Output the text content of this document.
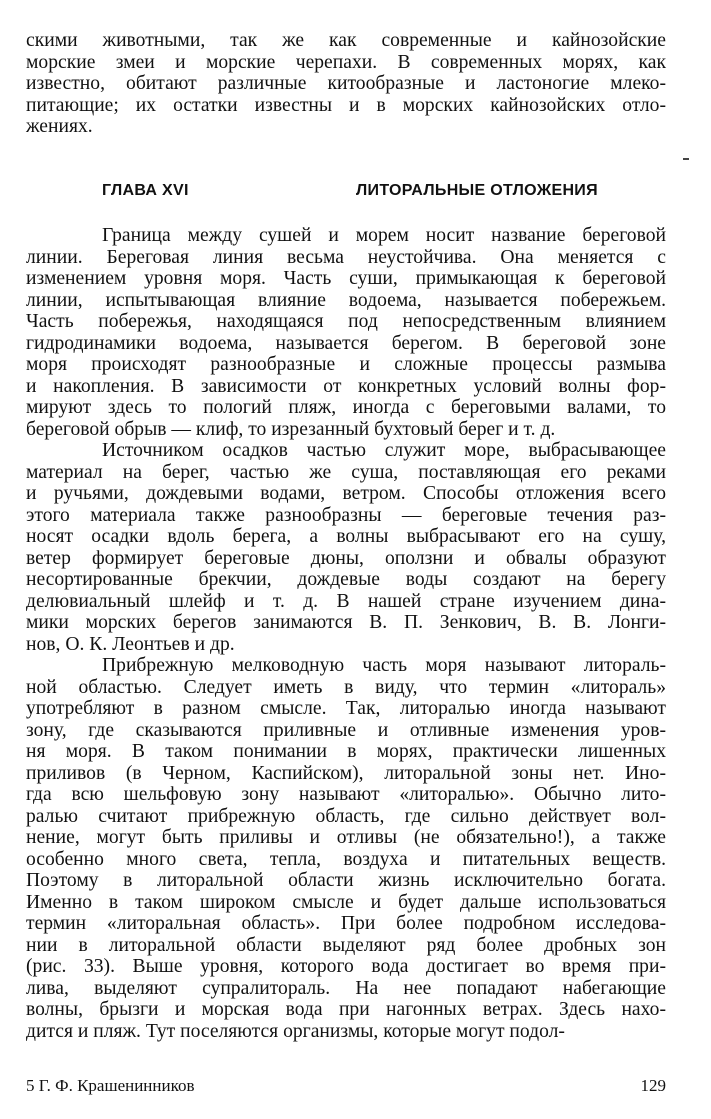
скими животными, так же как современные и кайнозойские
морские змеи и морские черепахи. В современных морях, как
известно, обитают различные китообразные и ластоногие млеко-
питающие; их остатки известны и в морских кайнозойских отло-
жениях.
ГЛАВА XVI	ЛИТОРАЛЬНЫЕ ОТЛОЖЕНИЯ
Граница между сушей и морем носит название береговой
линии. Береговая линия весьма неустойчива. Она меняется с
изменением уровня моря. Часть суши, примыкающая к береговой
линии, испытывающая влияние водоема, называется побережьем.
Часть побережья, находящаяся под непосредственным влиянием
гидродинамики водоема, называется берегом. В береговой зоне
моря происходят разнообразные и сложные процессы размыва
и накопления. В зависимости от конкретных условий волны фор-
мируют здесь то пологий пляж, иногда с береговыми валами, то
береговой обрыв — клиф, то изрезанный бухтовый берег и т. д.
Источником осадков частью служит море, выбрасывающее
материал на берег, частью же суша, поставляющая его реками
и ручьями, дождевыми водами, ветром. Способы отложения всего
этого материала также разнообразны — береговые течения раз-
носят осадки вдоль берега, а волны выбрасывают его на сушу,
ветер формирует береговые дюны, оползни и обвалы образуют
несортированные брекчии, дождевые воды создают на берегу
делювиальный шлейф и т. д. В нашей стране изучением дина-
мики морских берегов занимаются В. П. Зенкович, В. В. Лонги-
нов, О. К. Леонтьев и др.
Прибрежную мелководную часть моря называют литораль-
ной областью. Следует иметь в виду, что термин «литораль»
употребляют в разном смысле. Так, литоралью иногда называют
зону, где сказываются приливные и отливные изменения уров-
ня моря. В таком понимании в морях, практически лишенных
приливов (в Черном, Каспийском), литоральной зоны нет. Ино-
гда всю шельфовую зону называют «литоралью». Обычно лито-
ралью считают прибрежную область, где сильно действует вол-
нение, могут быть приливы и отливы (не обязательно!), а также
особенно много света, тепла, воздуха и питательных веществ.
Поэтому в литоральной области жизнь исключительно богата.
Именно в таком широком смысле и будет дальше использоваться
термин «литоральная область». При более подробном исследова-
нии в литоральной области выделяют ряд более дробных зон
(рис. 33). Выше уровня, которого вода достигает во время при-
лива, выделяют супралитораль. На нее попадают набегающие
волны, брызги и морская вода при нагонных ветрах. Здесь нахо-
дится и пляж. Тут поселяются организмы, которые могут подол-
5 Г. Ф. Крашенинников	129
